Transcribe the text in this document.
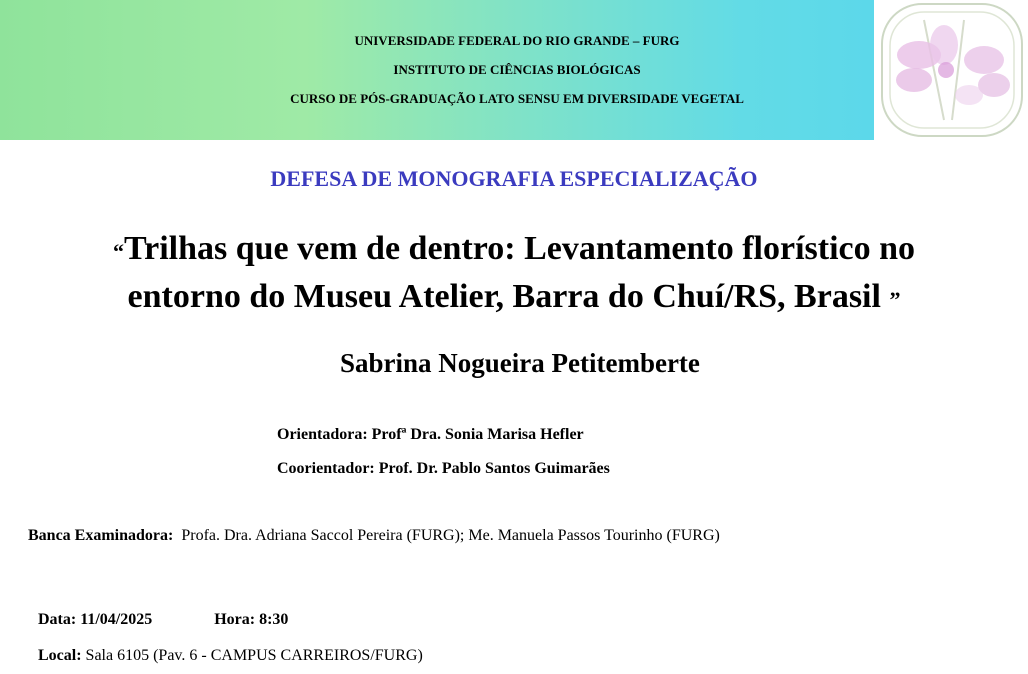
UNIVERSIDADE FEDERAL DO RIO GRANDE – FURG
INSTITUTO DE CIÊNCIAS BIOLÓGICAS
CURSO DE PÓS-GRADUAÇÃO LATO SENSU EM DIVERSIDADE VEGETAL
DEFESA DE MONOGRAFIA ESPECIALIZAÇÃO
“Trilhas que vem de dentro: Levantamento florístico no
entorno do Museu Atelier, Barra do Chuí/RS, Brasil ”
Sabrina Nogueira Petitemberte
Orientadora: Profª Dra. Sonia Marisa Hefler
Coorientador: Prof. Dr. Pablo Santos Guimarães
Banca Examinadora: Profa. Dra. Adriana Saccol Pereira (FURG); Me. Manuela Passos Tourinho (FURG)
Data: 11/04/2025	Hora: 8:30
Local: Sala 6105 (Pav. 6 - CAMPUS CARREIROS/FURG)
